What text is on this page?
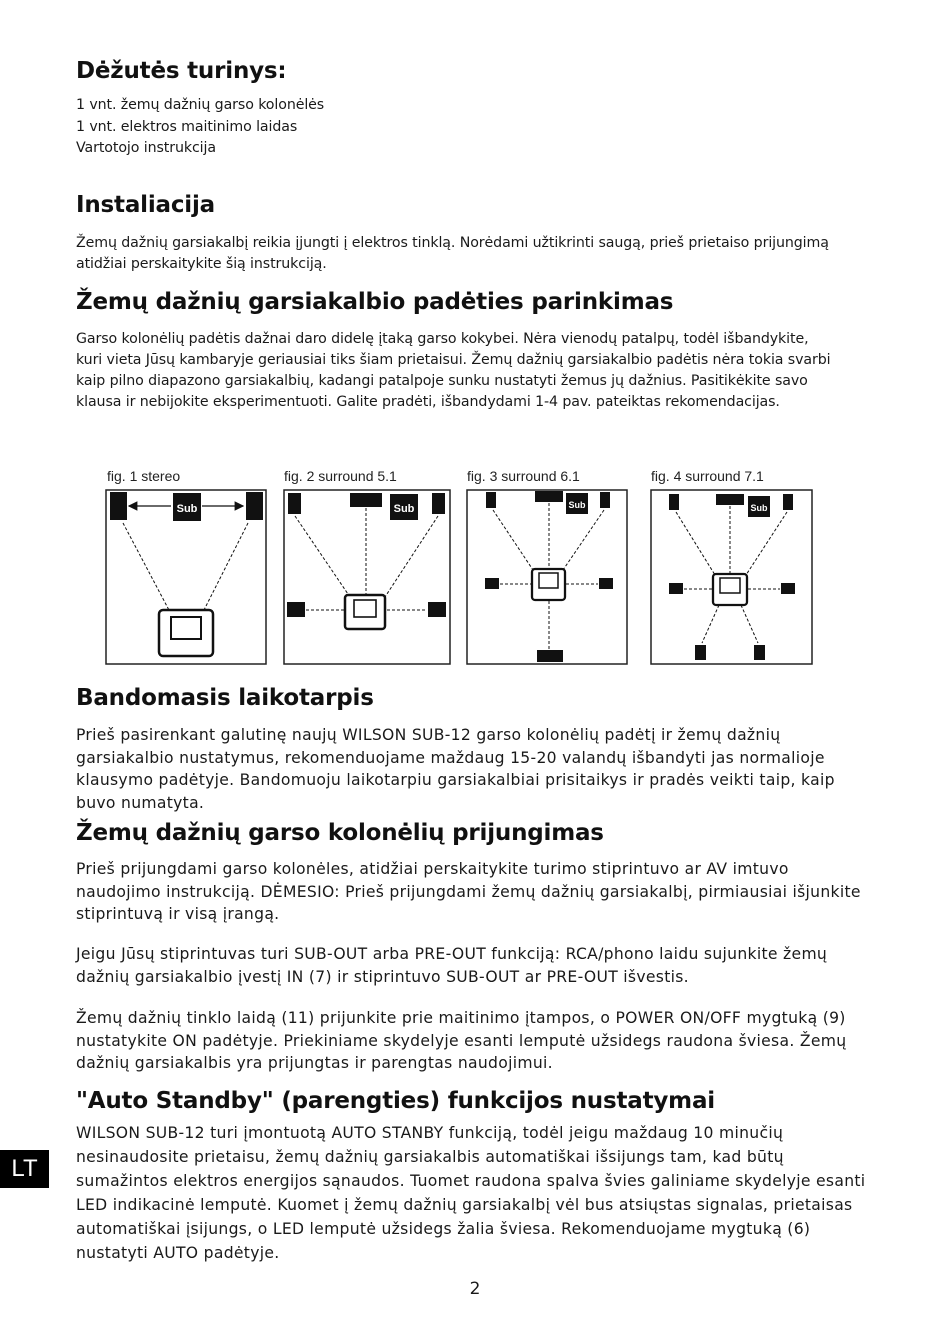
Dėžutės turinys:
1 vnt. žemų dažnių garso kolonėlės
1 vnt. elektros maitinimo laidas
Vartotojo instrukcija
Instaliacija

Žemų dažnių garsiakalbį reikia įjungti į elektros tinklą. Norėdami užtikrinti saugą, prieš prietaiso prijungimą atidžiai perskaitykite šią instrukciją.

Žemų dažnių garsiakalbio padėties parinkimas

Garso kolonėlių padėtis dažnai daro didelę įtaką garso kokybei. Nėra vienodų patalpų, todėl išbandykite, kuri vieta Jūsų kambaryje geriausiai tiks šiam prietaisui. Žemų dažnių garsiakalbio padėtis nėra tokia svarbi kaip pilno diapazono garsiakalbių, kadangi patalpoje sunku nustatyti žemus jų dažnius. Pasitikėkite savo klausa ir nebijokite eksperimentuoti. Galite pradėti, išbandydami 1-4 pav. pateiktas rekomendacijas.

fig. 1 stereo	fig. 2 surround 5.1	fig. 3 surround 6.1	fig. 4 surround 7.1
Sub	Sub	Sub	Sub
Bandomasis laikotarpis

Prieš pasirenkant galutinę naujų WILSON SUB-12 garso kolonėlių padėtį ir žemų dažnių garsiakalbio nustatymus, rekomenduojame maždaug 15-20 valandų išbandyti jas normalioje klausymo padėtyje. Bandomuoju laikotarpiu garsiakalbiai prisitaikys ir pradės veikti taip, kaip buvo numatyta.

Žemų dažnių garso kolonėlių prijungimas

Prieš prijungdami garso kolonėles, atidžiai perskaitykite turimo stiprintuvo ar AV imtuvo naudojimo instrukciją. DĖMESIO: Prieš prijungdami žemų dažnių garsiakalbį, pirmiausiai išjunkite stiprintuvą ir visą įrangą.

Jeigu Jūsų stiprintuvas turi SUB-OUT arba PRE-OUT funkciją: RCA/phono laidu sujunkite žemų dažnių garsiakalbio įvestį IN (7) ir stiprintuvo SUB-OUT ar PRE-OUT išvestis.

Žemų dažnių tinklo laidą (11) prijunkite prie maitinimo įtampos, o POWER ON/OFF mygtuką (9) nustatykite ON padėtyje. Priekiniame skydelyje esanti lemputė užsidegs raudona šviesa. Žemų dažnių garsiakalbis yra prijungtas ir parengtas naudojimui.

"Auto Standby" (parengties) funkcijos nustatymai

WILSON SUB-12 turi įmontuotą AUTO STANBY funkciją, todėl jeigu maždaug 10 minučių nesinaudosite prietaisu, žemų dažnių garsiakalbis automatiškai išsijungs tam, kad būtų sumažintos elektros energijos sąnaudos. Tuomet raudona spalva švies galiniame skydelyje esanti LED indikacinė lemputė. Kuomet į žemų dažnių garsiakalbį vėl bus atsiųstas signalas, prietaisas automatiškai įsijungs, o LED lemputė užsidegs žalia šviesa. Rekomenduojame mygtuką (6) nustatyti AUTO padėtyje.

LT
2
